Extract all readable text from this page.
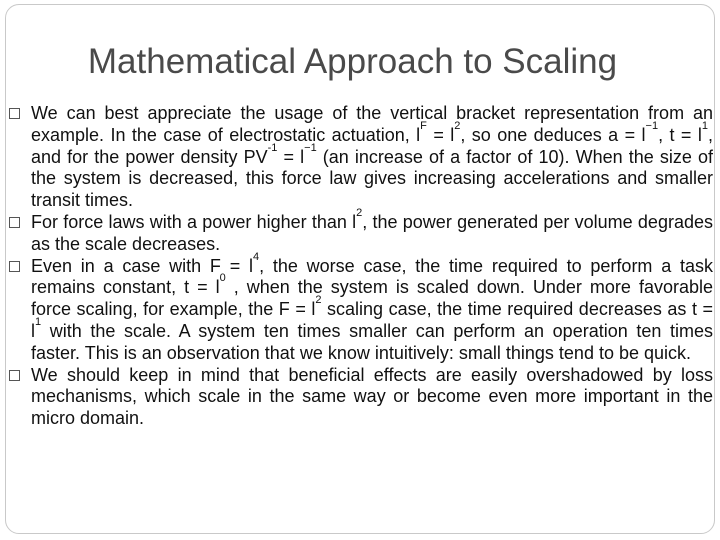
Mathematical Approach to Scaling
We can best appreciate the usage of the vertical bracket representation from an example. In the case of electrostatic actuation, $l^F = l^2$, so one deduces $a = l^{-1}$, $t = l^1$, and for the power density $PV^{-1} = l^{-1}$ (an increase of a factor of 10). When the size of the system is decreased, this force law gives increasing accelerations and smaller transit times.
For force laws with a power higher than $l^2$, the power generated per volume degrades as the scale decreases.
Even in a case with $F = l^4$, the worse case, the time required to perform a task remains constant, $t = l^0$ , when the system is scaled down. Under more favorable force scaling, for example, the $F = l^2$ scaling case, the time required decreases as $t = l^1$ with the scale. A system ten times smaller can perform an operation ten times faster. This is an observation that we know intuitively: small things tend to be quick.
We should keep in mind that beneficial effects are easily overshadowed by loss mechanisms, which scale in the same way or become even more important in the micro domain.
